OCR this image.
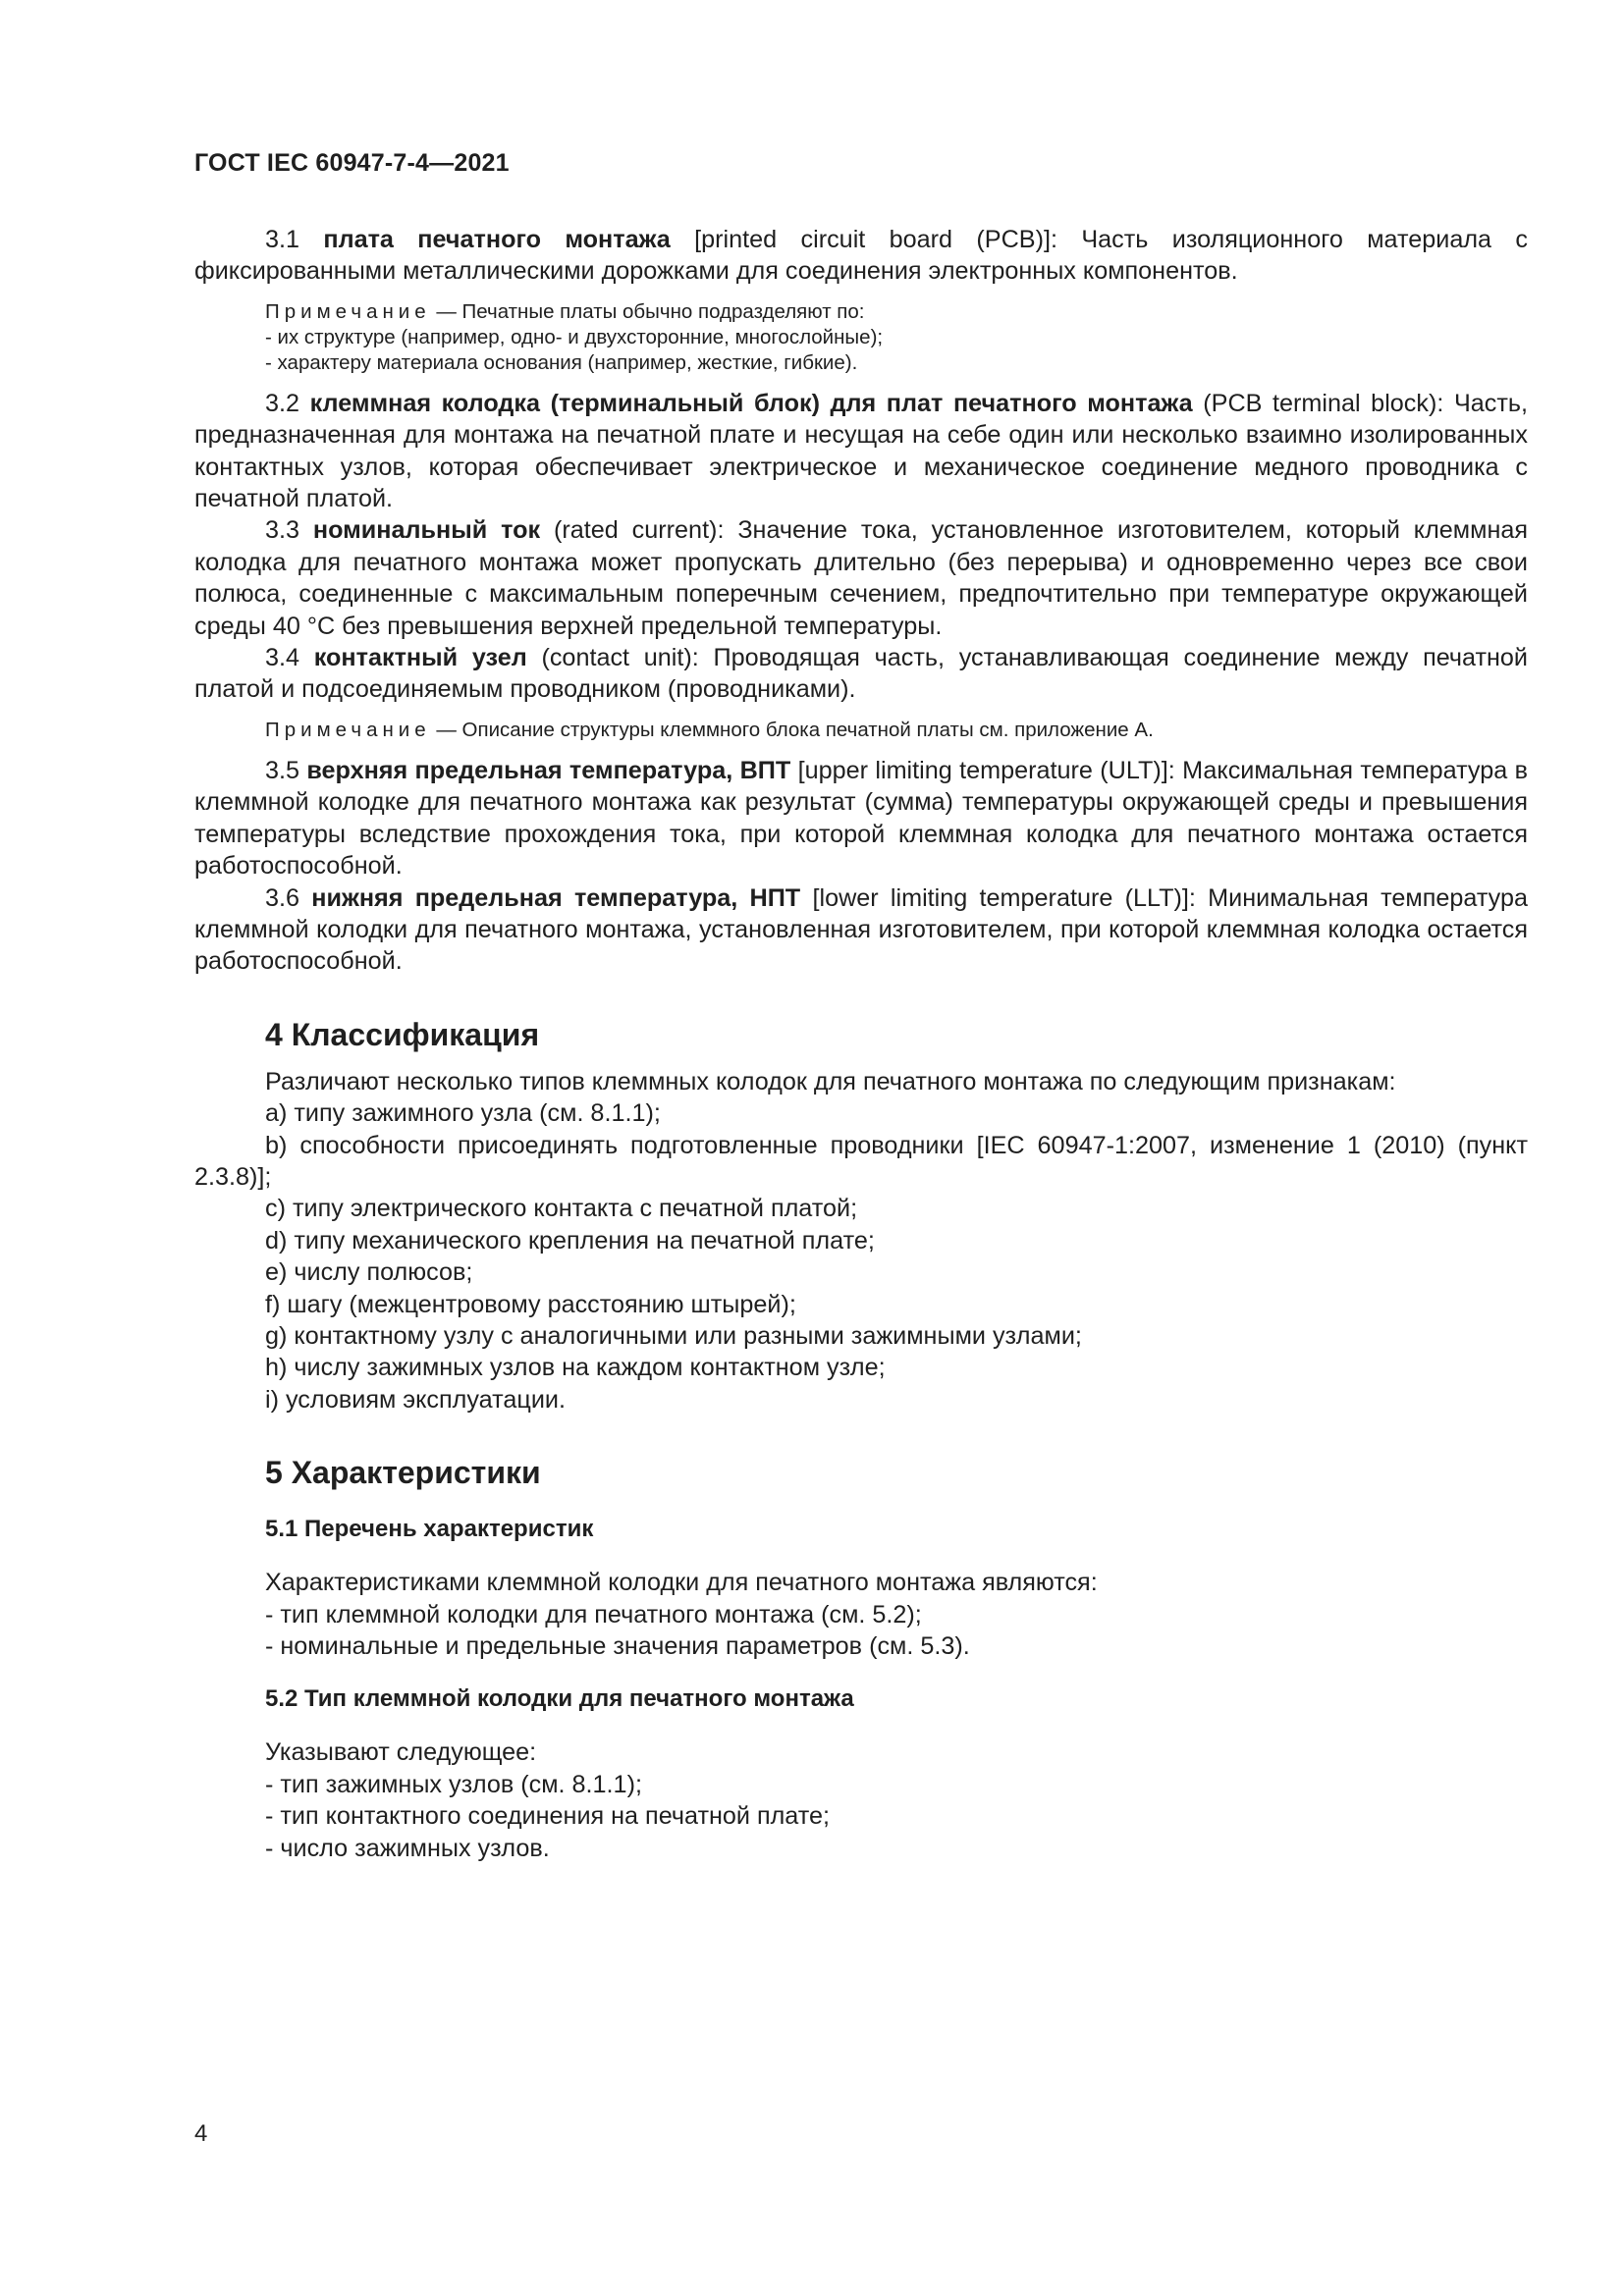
ГОСТ IEC 60947-7-4—2021

3.1 плата печатного монтажа [printed circuit board (PCB)]: Часть изоляционного материала с фиксированными металлическими дорожками для соединения электронных компонентов.

Примечание — Печатные платы обычно подразделяют по:

- их структуре (например, одно- и двухсторонние, многослойные);

- характеру материала основания (например, жесткие, гибкие).

3.2 клеммная колодка (терминальный блок) для плат печатного монтажа (PCB terminal block): Часть, предназначенная для монтажа на печатной плате и несущая на себе один или несколько взаимно изолированных контактных узлов, которая обеспечивает электрическое и механическое соединение медного проводника с печатной платой.

3.3 номинальный ток (rated current): Значение тока, установленное изготовителем, который клеммная колодка для печатного монтажа может пропускать длительно (без перерыва) и одновременно через все свои полюса, соединенные с максимальным поперечным сечением, предпочтительно при температуре окружающей среды 40 °С без превышения верхней предельной температуры.

3.4 контактный узел (contact unit): Проводящая часть, устанавливающая соединение между печатной платой и подсоединяемым проводником (проводниками).

Примечание — Описание структуры клеммного блока печатной платы см. приложение А.

3.5 верхняя предельная температура, ВПТ [upper limiting temperature (ULT)]: Максимальная температура в клеммной колодке для печатного монтажа как результат (сумма) температуры окружающей среды и превышения температуры вследствие прохождения тока, при которой клеммная колодка для печатного монтажа остается работоспособной.

3.6 нижняя предельная температура, НПТ [lower limiting temperature (LLT)]: Минимальная температура клеммной колодки для печатного монтажа, установленная изготовителем, при которой клеммная колодка остается работоспособной.

4 Классификация

Различают несколько типов клеммных колодок для печатного монтажа по следующим признакам:

a) типу зажимного узла (см. 8.1.1);

b) способности присоединять подготовленные проводники [IEC 60947-1:2007, изменение 1 (2010) (пункт 2.3.8)];

c) типу электрического контакта с печатной платой;

d) типу механического крепления на печатной плате;

e) числу полюсов;

f) шагу (межцентровому расстоянию штырей);

g) контактному узлу с аналогичными или разными зажимными узлами;

h) числу зажимных узлов на каждом контактном узле;

i) условиям эксплуатации.

5 Характеристики
5.1 Перечень характеристик

Характеристиками клеммной колодки для печатного монтажа являются:

- тип клеммной колодки для печатного монтажа (см. 5.2);

- номинальные и предельные значения параметров (см. 5.3).

5.2 Тип клеммной колодки для печатного монтажа

Указывают следующее:

- тип зажимных узлов (см. 8.1.1);

- тип контактного соединения на печатной плате;

- число зажимных узлов.

4
